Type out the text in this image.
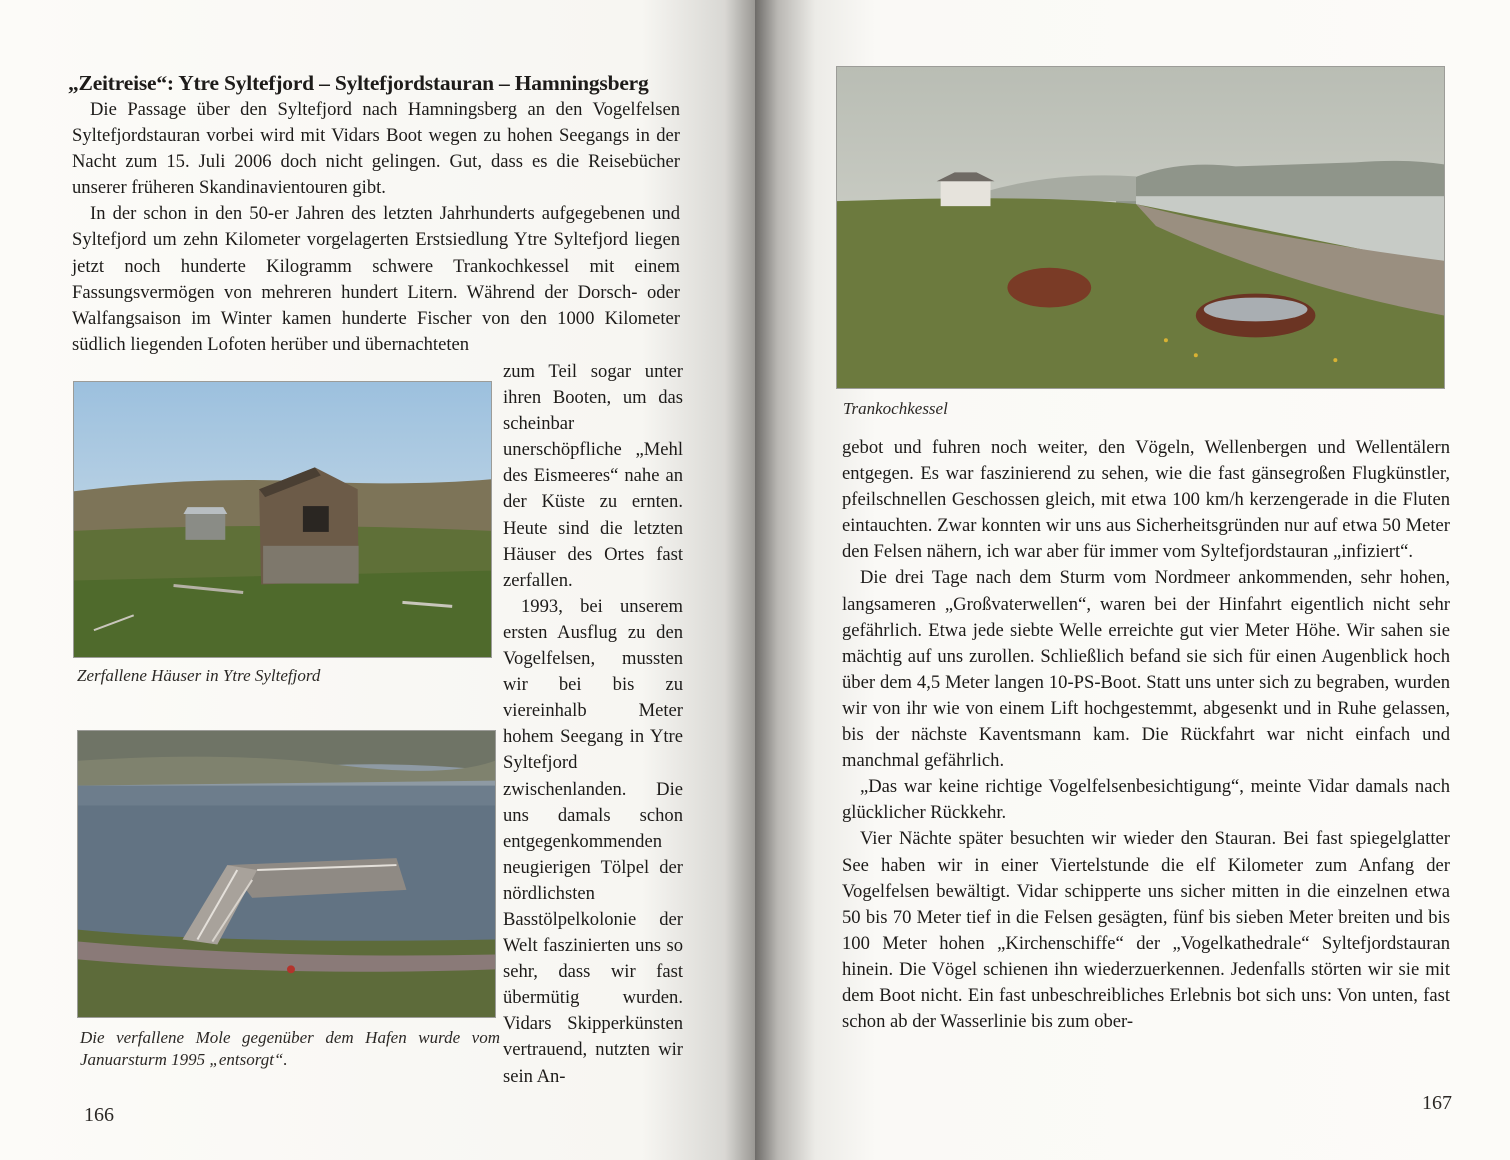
„Zeitreise“: Ytre Syltefjord – Syltefjordstauran – Hamningsberg

Die Passage über den Syltefjord nach Hamningsberg an den Vogelfelsen Syltefjordstauran vorbei wird mit Vidars Boot wegen zu hohen Seegangs in der Nacht zum 15. Juli 2006 doch nicht gelingen. Gut, dass es die Reisebücher unserer früheren Skandinavientouren gibt.

In der schon in den 50-er Jahren des letzten Jahrhunderts aufgegebenen und Syltefjord um zehn Kilometer vorgelagerten Erstsiedlung Ytre Syltefjord liegen jetzt noch hunderte Kilogramm schwere Trankochkessel mit einem Fassungsvermögen von mehreren hundert Litern. Während der Dorsch- oder Walfangsaison im Winter kamen hunderte Fischer von den 1000 Kilometer südlich liegenden Lofoten herüber und übernachteten

Zerfallene Häuser in Ytre Syltefjord
Die verfallene Mole gegenüber dem Hafen wurde vom Januarsturm 1995 „entsorgt“.

zum Teil sogar unter ihren Booten, um das scheinbar unerschöpfliche „Mehl des Eismeeres“ nahe an der Küste zu ernten. Heute sind die letzten Häuser des Ortes fast zerfallen.

1993, bei unserem ersten Ausflug zu den Vogelfelsen, mussten wir bei bis zu viereinhalb Meter hohem Seegang in Ytre Syltefjord zwischenlanden. Die uns damals schon entgegenkommenden neugierigen Tölpel der nördlichsten Basstölpelkolonie der Welt faszinierten uns so sehr, dass wir fast übermütig wurden. Vidars Skipperkünsten vertrauend, nutzten wir sein An-

166
Trankochkessel

gebot und fuhren noch weiter, den Vögeln, Wellenbergen und Wellentälern entgegen. Es war faszinierend zu sehen, wie die fast gänsegroßen Flugkünstler, pfeilschnellen Geschossen gleich, mit etwa 100 km/h kerzengerade in die Fluten eintauchten. Zwar konnten wir uns aus Sicherheitsgründen nur auf etwa 50 Meter den Felsen nähern, ich war aber für immer vom Syltefjordstauran „infiziert“.

Die drei Tage nach dem Sturm vom Nordmeer ankommenden, sehr hohen, langsameren „Großvaterwellen“, waren bei der Hinfahrt eigentlich nicht sehr gefährlich. Etwa jede siebte Welle erreichte gut vier Meter Höhe. Wir sahen sie mächtig auf uns zurollen. Schließlich befand sie sich für einen Augenblick hoch über dem 4,5 Meter langen 10-PS-Boot. Statt uns unter sich zu begraben, wurden wir von ihr wie von einem Lift hochgestemmt, abgesenkt und in Ruhe gelassen, bis der nächste Kaventsmann kam. Die Rückfahrt war nicht einfach und manchmal gefährlich.

„Das war keine richtige Vogelfelsenbesichtigung“, meinte Vidar damals nach glücklicher Rückkehr.

Vier Nächte später besuchten wir wieder den Stauran. Bei fast spiegelglatter See haben wir in einer Viertelstunde die elf Kilometer zum Anfang der Vogelfelsen bewältigt. Vidar schipperte uns sicher mitten in die einzelnen etwa 50 bis 70 Meter tief in die Felsen gesägten, fünf bis sieben Meter breiten und bis 100 Meter hohen „Kirchenschiffe“ der „Vogelkathedrale“ Syltefjordstauran hinein. Die Vögel schienen ihn wiederzuerkennen. Jedenfalls störten wir sie mit dem Boot nicht. Ein fast unbeschreibliches Erlebnis bot sich uns: Von unten, fast schon ab der Wasserlinie bis zum ober-

167
